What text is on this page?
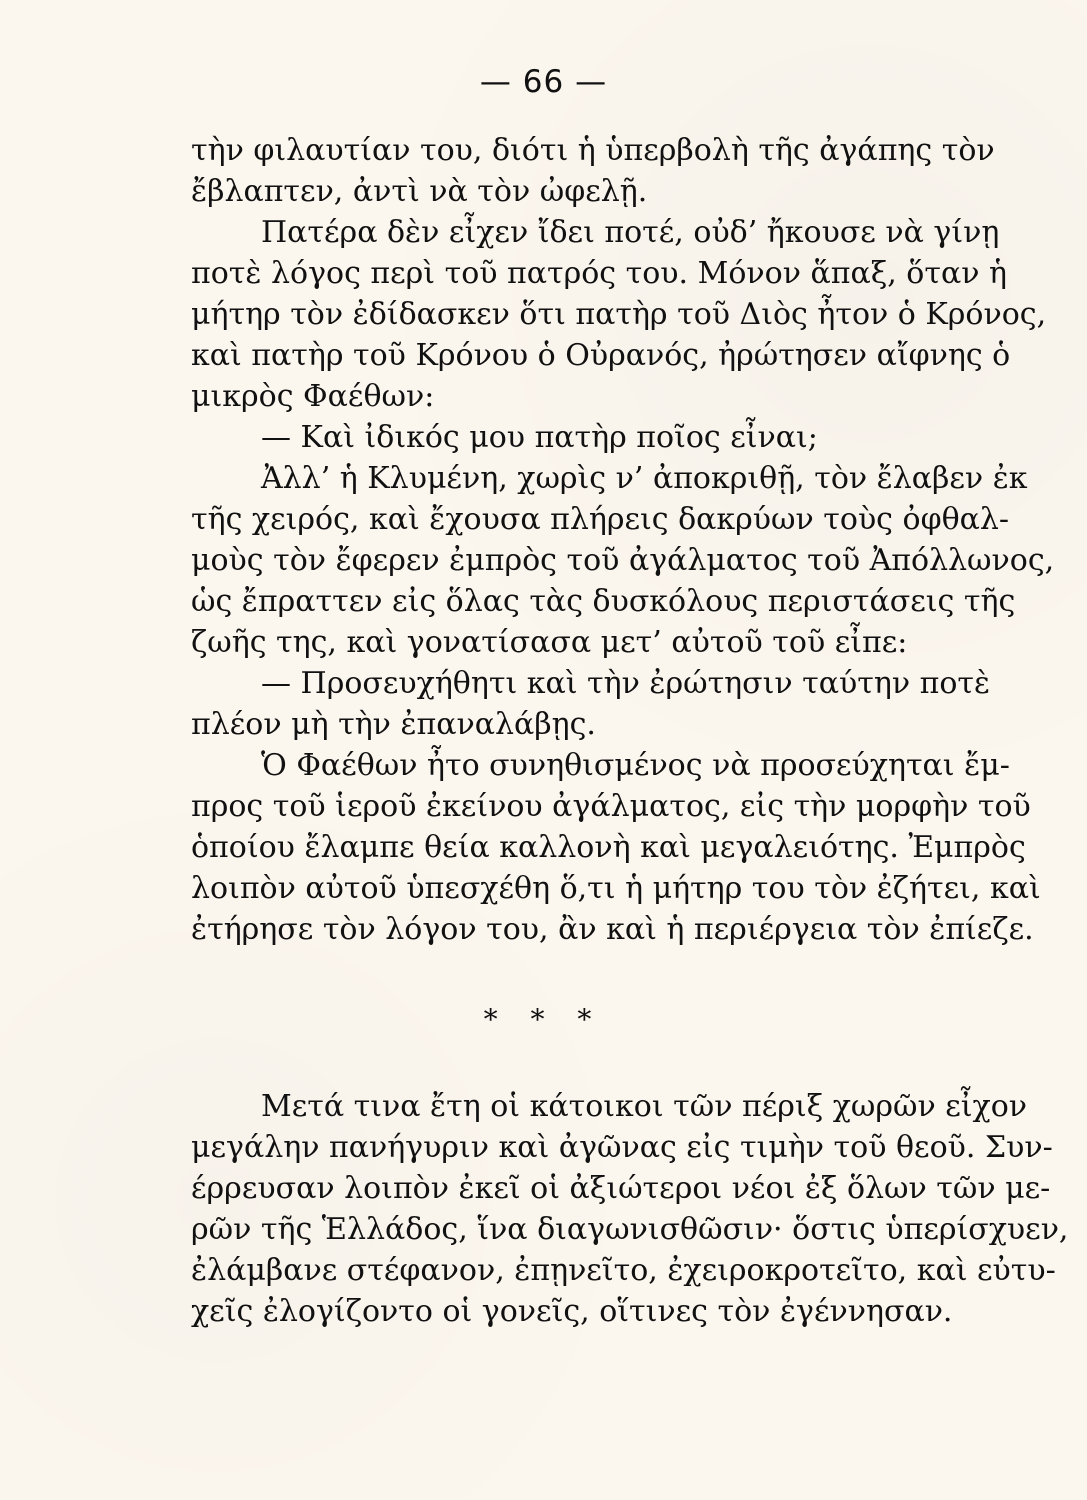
— 66 —
τὴν φιλαυτίαν του, διότι ἡ ὑπερβολὴ τῆς ἀγάπης τὸν
ἔβλαπτεν, ἀντὶ νὰ τὸν ὠφελῇ.
Πατέρα δὲν εἶχεν ἴδει ποτέ, οὐδ’ ἤκουσε νὰ γίνῃ
ποτὲ λόγος περὶ τοῦ πατρός του. Μόνον ἅπαξ, ὅταν ἡ
μήτηρ τὸν ἐδίδασκεν ὅτι πατὴρ τοῦ Διὸς ἦτον ὁ Κρόνος,
καὶ πατὴρ τοῦ Κρόνου ὁ Οὐρανός, ἠρώτησεν αἴφνης ὁ
μικρὸς Φαέθων:
— Καὶ ἰδικός μου πατὴρ ποῖος εἶναι;
Ἀλλ’ ἡ Κλυμένη, χωρὶς ν’ ἀποκριθῇ, τὸν ἔλαβεν ἐκ
τῆς χειρός, καὶ ἔχουσα πλήρεις δακρύων τοὺς ὀφθαλ-
μοὺς τὸν ἔφερεν ἐμπρὸς τοῦ ἀγάλματος τοῦ Ἀπόλλωνος,
ὡς ἔπραττεν εἰς ὅλας τὰς δυσκόλους περιστάσεις τῆς
ζωῆς της, καὶ γονατίσασα μετ’ αὐτοῦ τοῦ εἶπε:
— Προσευχήθητι καὶ τὴν ἐρώτησιν ταύτην ποτὲ
πλέον μὴ τὴν ἐπαναλάβῃς.
Ὁ Φαέθων ἦτο συνηθισμένος νὰ προσεύχηται ἔμ-
προς τοῦ ἱεροῦ ἐκείνου ἀγάλματος, εἰς τὴν μορφὴν τοῦ
ὁποίου ἔλαμπε θεία καλλονὴ καὶ μεγαλειότης. Ἐμπρὸς
λοιπὸν αὐτοῦ ὑπεσχέθη ὅ,τι ἡ μήτηρ του τὸν ἐζήτει, καὶ
ἐτήρησε τὸν λόγον του, ἂν καὶ ἡ περιέργεια τὸν ἐπίεζε.
* * *
Μετά τινα ἔτη οἱ κάτοικοι τῶν πέριξ χωρῶν εἶχον
μεγάλην πανήγυριν καὶ ἀγῶνας εἰς τιμὴν τοῦ θεοῦ. Συν-
έρρευσαν λοιπὸν ἐκεῖ οἱ ἀξιώτεροι νέοι ἐξ ὅλων τῶν με-
ρῶν τῆς Ἑλλάδος, ἵνα διαγωνισθῶσιν· ὅστις ὑπερίσχυεν,
ἐλάμβανε στέφανον, ἐπῃνεῖτο, ἐχειροκροτεῖτο, καὶ εὐτυ-
χεῖς ἐλογίζοντο οἱ γονεῖς, οἵτινες τὸν ἐγέννησαν.
